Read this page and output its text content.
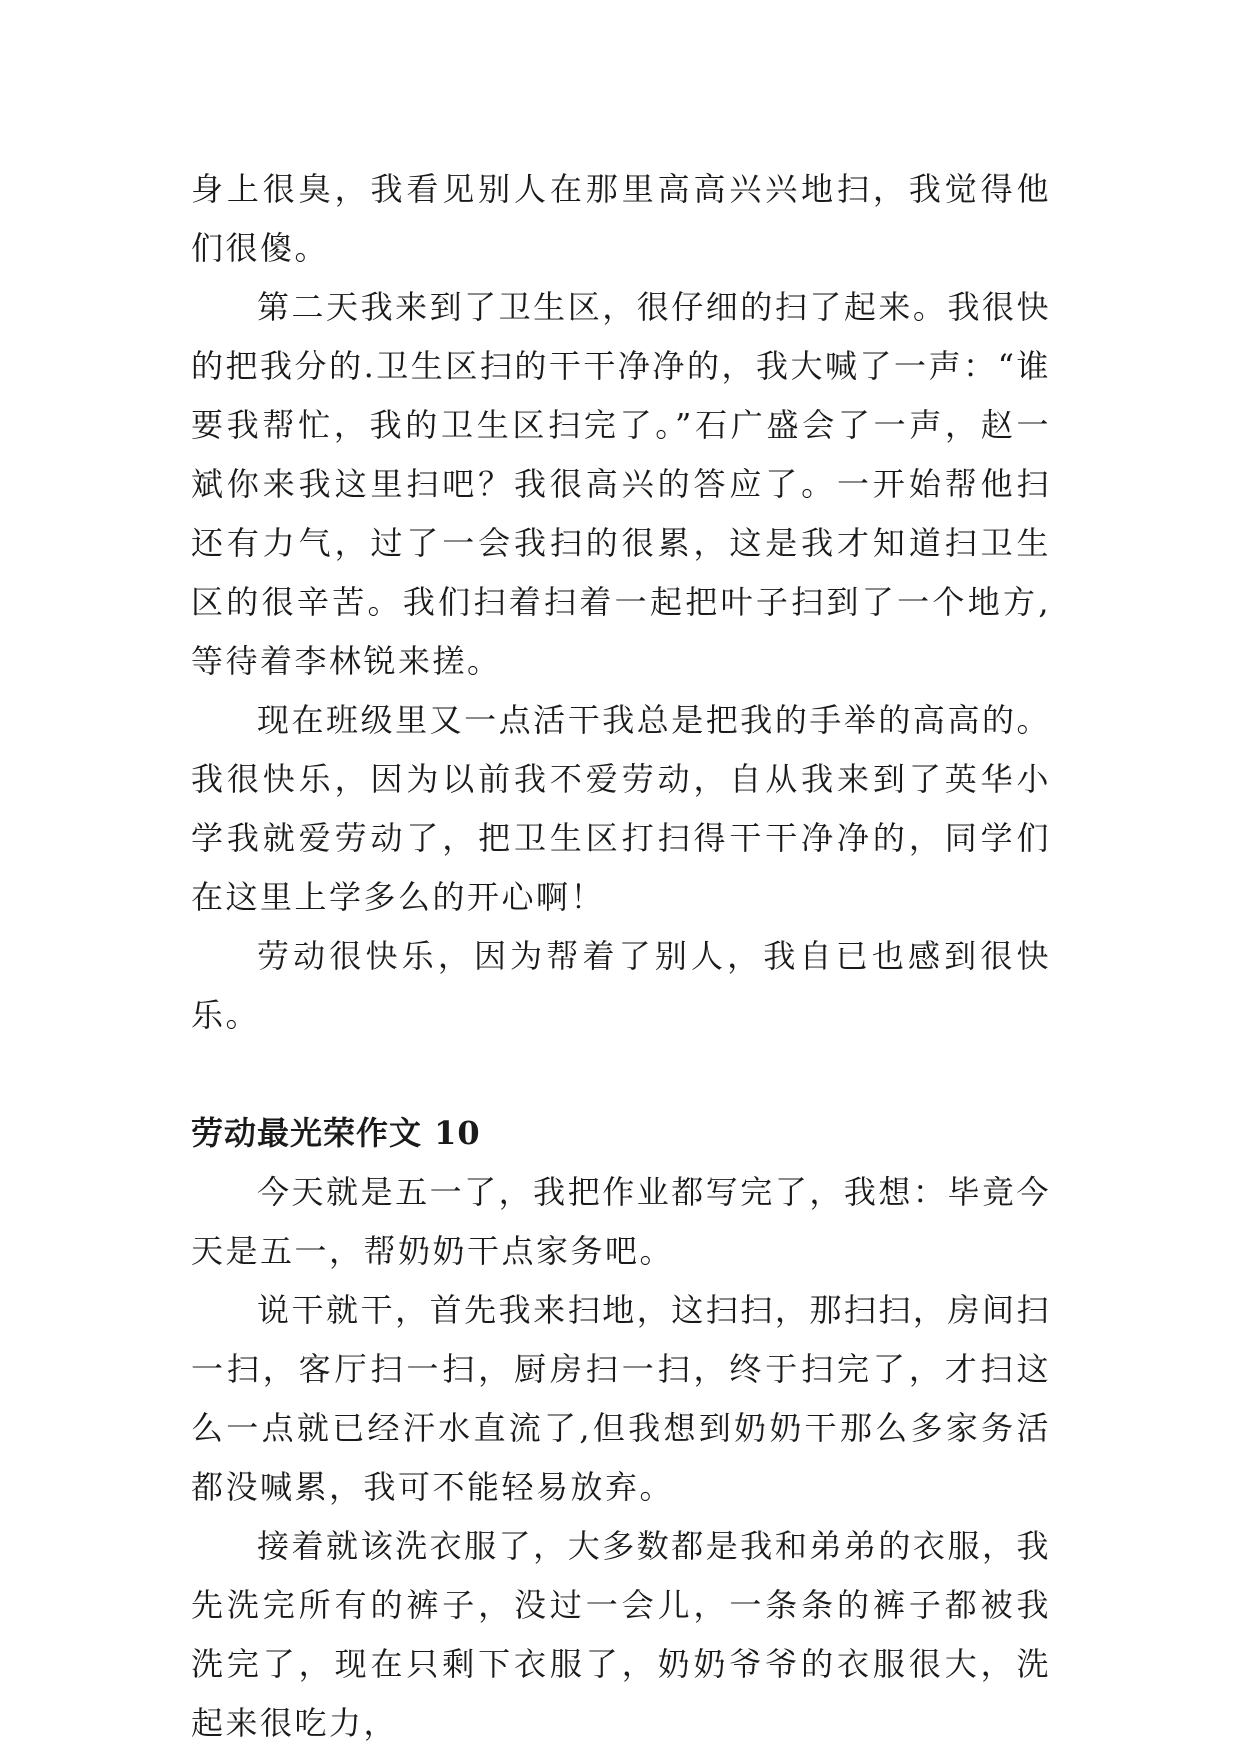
身上很臭，我看见别人在那里高高兴兴地扫，我觉得他们很傻。

第二天我来到了卫生区，很仔细的扫了起来。我很快的把我分的.卫生区扫的干干净净的，我大喊了一声：“谁要我帮忙，我的卫生区扫完了。”石广盛会了一声，赵一斌你来我这里扫吧？我很高兴的答应了。一开始帮他扫还有力气，过了一会我扫的很累，这是我才知道扫卫生区的很辛苦。我们扫着扫着一起把叶子扫到了一个地方,等待着李林锐来搓。

现在班级里又一点活干我总是把我的手举的高高的。我很快乐，因为以前我不爱劳动，自从我来到了英华小学我就爱劳动了，把卫生区打扫得干干净净的，同学们在这里上学多么的开心啊！

劳动很快乐，因为帮着了别人，我自已也感到很快乐。

劳动最光荣作文 10

今天就是五一了，我把作业都写完了，我想：毕竟今天是五一，帮奶奶干点家务吧。

说干就干，首先我来扫地，这扫扫，那扫扫，房间扫一扫，客厅扫一扫，厨房扫一扫，终于扫完了，才扫这么一点就已经汗水直流了,但我想到奶奶干那么多家务活都没喊累，我可不能轻易放弃。

接着就该洗衣服了，大多数都是我和弟弟的衣服，我先洗完所有的裤子，没过一会儿，一条条的裤子都被我洗完了，现在只剩下衣服了，奶奶爷爷的衣服很大，洗起来很吃力，
